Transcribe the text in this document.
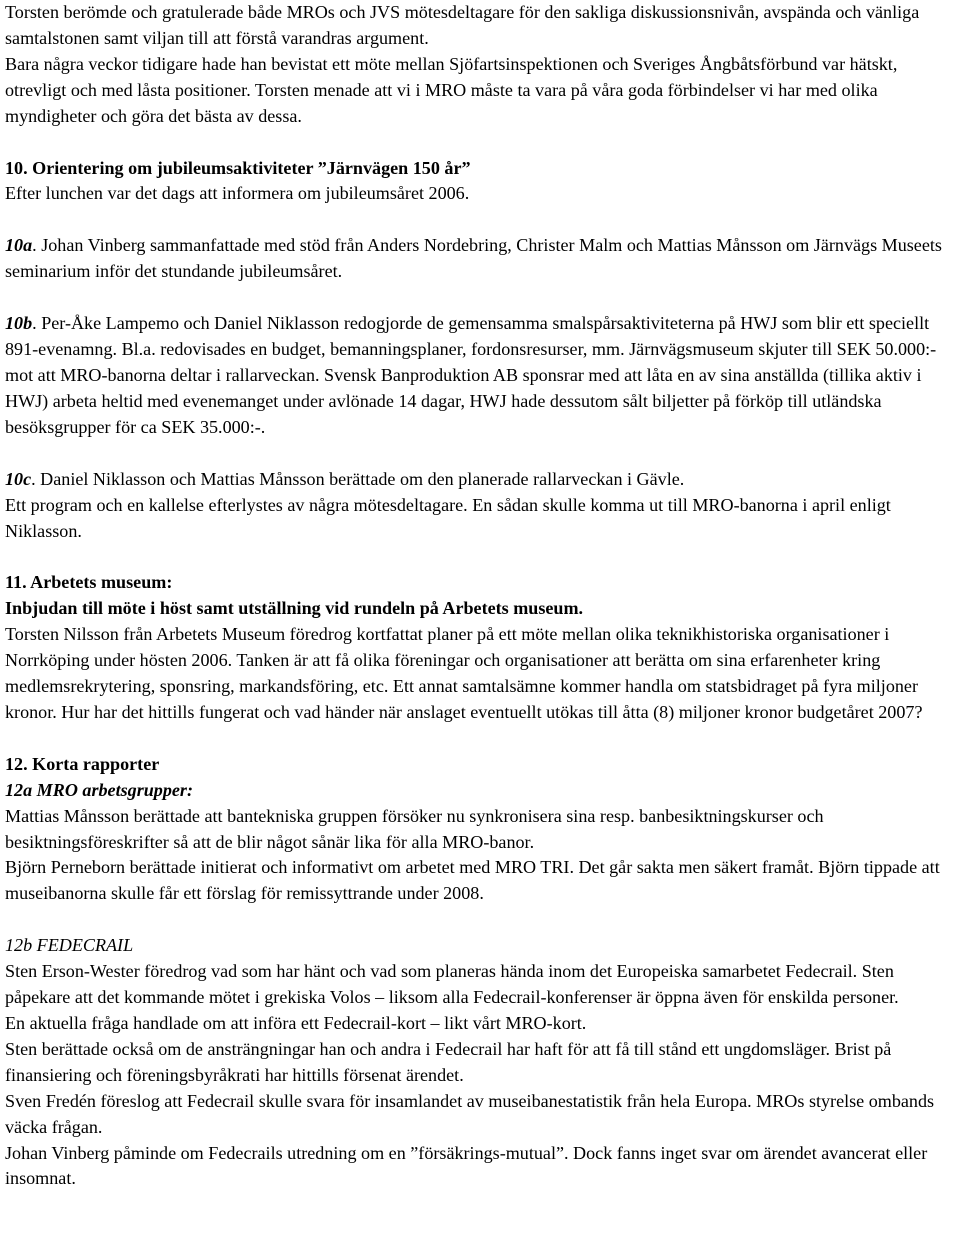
Torsten berömde och gratulerade både MROs och JVS mötesdeltagare för den sakliga diskussionsnivån, avspända och vänliga samtalstonen samt viljan till att förstå varandras argument.

Bara några veckor tidigare hade han bevistat ett möte mellan Sjöfartsinspektionen och Sveriges Ångbåtsförbund var hätskt, otrevligt och med låsta positioner. Torsten menade att vi i MRO måste ta vara på våra goda förbindelser vi har med olika myndigheter och göra det bästa av dessa.

10. Orientering om jubileumsaktiviteter ”Järnvägen 150 år”

Efter lunchen var det dags att informera om jubileumsåret 2006.

10a. Johan Vinberg sammanfattade med stöd från Anders Nordebring, Christer Malm och Mattias Månsson om Järnvägs Museets seminarium inför det stundande jubileumsåret.

10b. Per-Åke Lampemo och Daniel Niklasson redogjorde de gemensamma smalspårsaktiviteterna på HWJ som blir ett speciellt 891-evenamng. Bl.a. redovisades en budget, bemanningsplaner, fordonsresurser, mm. Järnvägsmuseum skjuter till SEK 50.000:- mot att MRO-banorna deltar i rallarveckan. Svensk Banproduktion AB sponsrar med att låta en av sina anställda (tillika aktiv i HWJ) arbeta heltid med evenemanget under avlönade 14 dagar, HWJ hade dessutom sålt biljetter på förköp till utländska besöksgrupper för ca SEK 35.000:-.

10c. Daniel Niklasson och Mattias Månsson berättade om den planerade rallarveckan i Gävle.

Ett program och en kallelse efterlystes av några mötesdeltagare. En sådan skulle komma ut till MRO-banorna i april enligt Niklasson.

11. Arbetets museum:

Inbjudan till möte i höst samt utställning vid rundeln på Arbetets museum.

Torsten Nilsson från Arbetets Museum föredrog kortfattat planer på ett möte mellan olika teknikhistoriska organisationer i Norrköping under hösten 2006. Tanken är att få olika föreningar och organisationer att berätta om sina erfarenheter kring medlemsrekrytering, sponsring, markandsföring, etc. Ett annat samtalsämne kommer handla om statsbidraget på fyra miljoner kronor. Hur har det hittills fungerat och vad händer när anslaget eventuellt utökas till åtta (8) miljoner kronor budgetåret 2007?

12. Korta rapporter

12a MRO arbetsgrupper:

Mattias Månsson berättade att bantekniska gruppen försöker nu synkronisera sina resp. banbesiktningskurser och besiktningsföreskrifter så att de blir något sånär lika för alla MRO-banor.

Björn Perneborn berättade initierat och informativt om arbetet med MRO TRI. Det går sakta men säkert framåt. Björn tippade att museibanorna skulle får ett förslag för remissyttrande under 2008.

12b FEDECRAIL

Sten Erson-Wester föredrog vad som har hänt och vad som planeras hända inom det Europeiska samarbetet Fedecrail. Sten påpekare att det kommande mötet i grekiska Volos – liksom alla Fedecrail-konferenser är öppna även för enskilda personer.

En aktuella fråga handlade om att införa ett Fedecrail-kort – likt vårt MRO-kort.

Sten berättade också om de ansträngningar han och andra i Fedecrail har haft för att få till stånd ett ungdomsläger. Brist på finansiering och föreningsbyråkrati har hittills försenat ärendet.

Sven Fredén föreslog att Fedecrail skulle svara för insamlandet av museibanestatistik från hela Europa. MROs styrelse ombands väcka frågan.

Johan Vinberg påminde om Fedecrails utredning om en ”försäkrings-mutual”. Dock fanns inget svar om ärendet avancerat eller insomnat.
